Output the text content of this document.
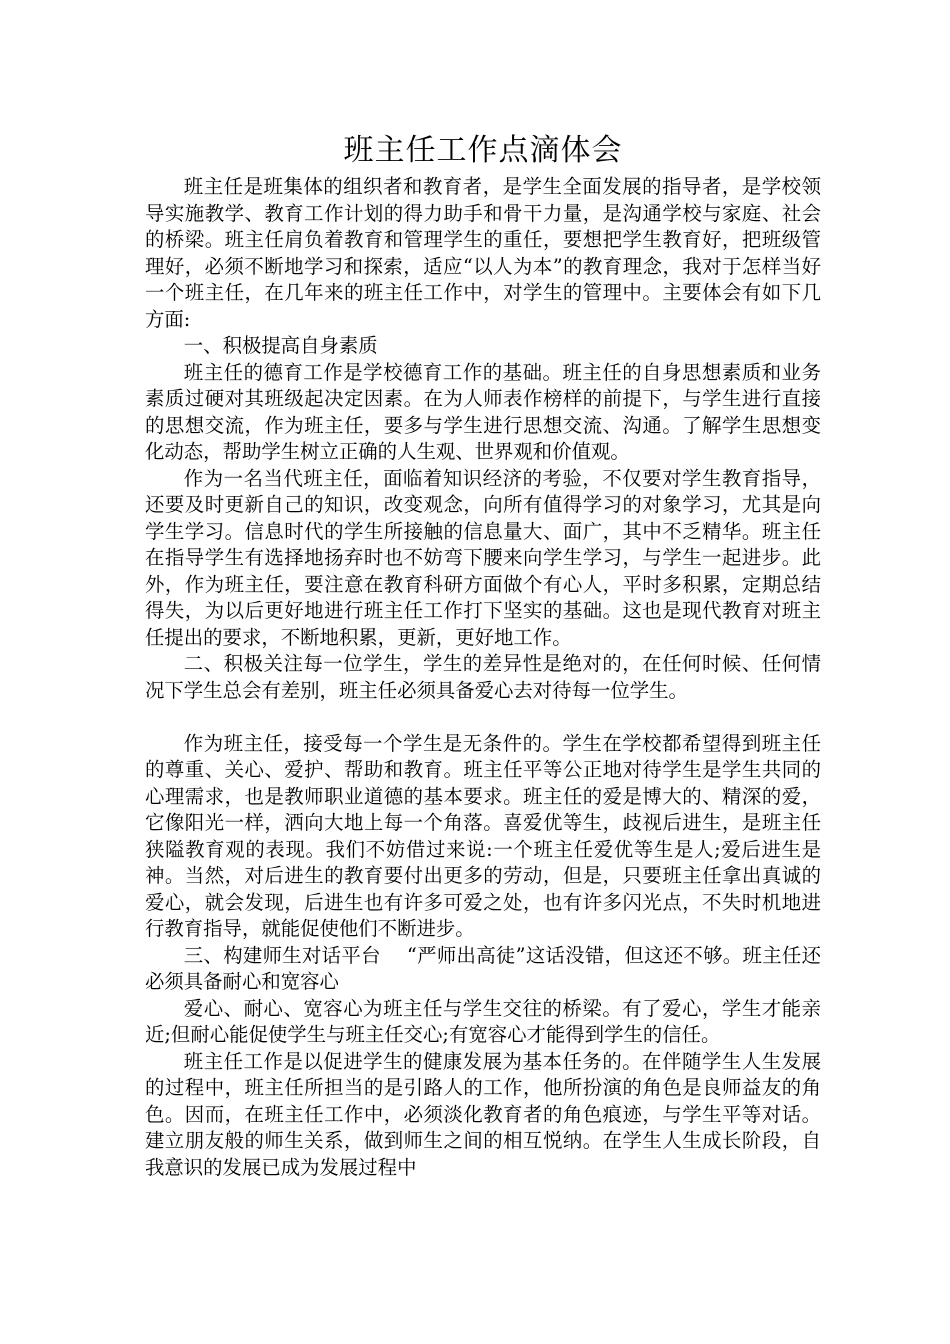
班主任工作点滴体会

班主任是班集体的组织者和教育者，是学生全面发展的指导者，是学校领导实施教学、教育工作计划的得力助手和骨干力量，是沟通学校与家庭、社会的桥梁。班主任肩负着教育和管理学生的重任，要想把学生教育好，把班级管理好，必须不断地学习和探索，适应“以人为本”的教育理念，我对于怎样当好一个班主任，在几年来的班主任工作中，对学生的管理中。主要体会有如下几方面:

一、积极提高自身素质

班主任的德育工作是学校德育工作的基础。班主任的自身思想素质和业务素质过硬对其班级起决定因素。在为人师表作榜样的前提下，与学生进行直接的思想交流，作为班主任，要多与学生进行思想交流、沟通。了解学生思想变化动态，帮助学生树立正确的人生观、世界观和价值观。

作为一名当代班主任，面临着知识经济的考验，不仅要对学生教育指导，还要及时更新自己的知识，改变观念，向所有值得学习的对象学习，尤其是向学生学习。信息时代的学生所接触的信息量大、面广，其中不乏精华。班主任在指导学生有选择地扬弃时也不妨弯下腰来向学生学习，与学生一起进步。此外，作为班主任，要注意在教育科研方面做个有心人，平时多积累，定期总结得失，为以后更好地进行班主任工作打下坚实的基础。这也是现代教育对班主任提出的要求，不断地积累，更新，更好地工作。

二、积极关注每一位学生，学生的差异性是绝对的，在任何时候、任何情况下学生总会有差别，班主任必须具备爱心去对待每一位学生。

作为班主任，接受每一个学生是无条件的。学生在学校都希望得到班主任的尊重、关心、爱护、帮助和教育。班主任平等公正地对待学生是学生共同的心理需求，也是教师职业道德的基本要求。班主任的爱是博大的、精深的爱，它像阳光一样，洒向大地上每一个角落。喜爱优等生，歧视后进生，是班主任狭隘教育观的表现。我们不妨借过来说:一个班主任爱优等生是人;爱后进生是神。当然，对后进生的教育要付出更多的劳动，但是，只要班主任拿出真诚的爱心，就会发现，后进生也有许多可爱之处，也有许多闪光点，不失时机地进行教育指导，就能促使他们不断进步。

三、构建师生对话平台　 “严师出高徒”这话没错，但这还不够。班主任还必须具备耐心和宽容心

爱心、耐心、宽容心为班主任与学生交往的桥梁。有了爱心，学生才能亲近;但耐心能促使学生与班主任交心;有宽容心才能得到学生的信任。

班主任工作是以促进学生的健康发展为基本任务的。在伴随学生人生发展的过程中，班主任所担当的是引路人的工作，他所扮演的角色是良师益友的角色。因而，在班主任工作中，必须淡化教育者的角色痕迹，与学生平等对话。建立朋友般的师生关系，做到师生之间的相互悦纳。在学生人生成长阶段，自我意识的发展已成为发展过程中
